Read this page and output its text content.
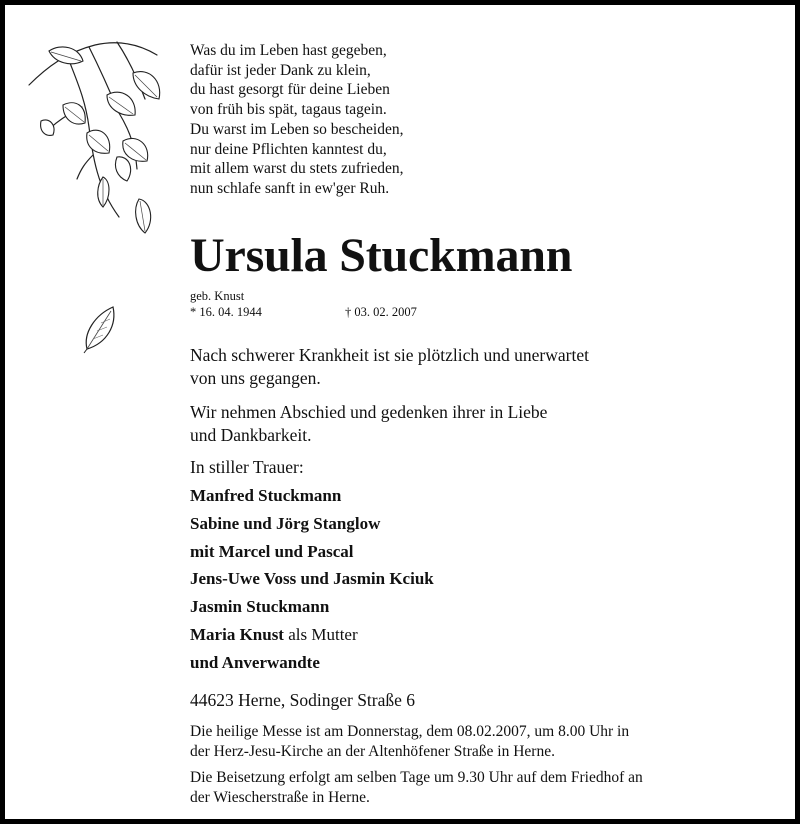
Was du im Leben hast gegeben,
dafür ist jeder Dank zu klein,
du hast gesorgt für deine Lieben
von früh bis spät, tagaus tagein.
Du warst im Leben so bescheiden,
nur deine Pflichten kanntest du,
mit allem warst du stets zufrieden,
nun schlafe sanft in ew'ger Ruh.
Ursula Stuckmann
geb. Knust
* 16. 04. 1944	† 03. 02. 2007
Nach schwerer Krankheit ist sie plötzlich und unerwartet
von uns gegangen.
Wir nehmen Abschied und gedenken ihrer in Liebe
und Dankbarkeit.
In stiller Trauer:
Manfred Stuckmann
Sabine und Jörg Stanglow
mit Marcel und Pascal
Jens-Uwe Voss und Jasmin Kciuk
Jasmin Stuckmann
Maria Knust als Mutter
und Anverwandte
44623 Herne, Sodinger Straße 6
Die heilige Messe ist am Donnerstag, dem 08.02.2007, um 8.00 Uhr in
der Herz-Jesu-Kirche an der Altenhöfener Straße in Herne.
Die Beisetzung erfolgt am selben Tage um 9.30 Uhr auf dem Friedhof an
der Wiescherstraße in Herne.
